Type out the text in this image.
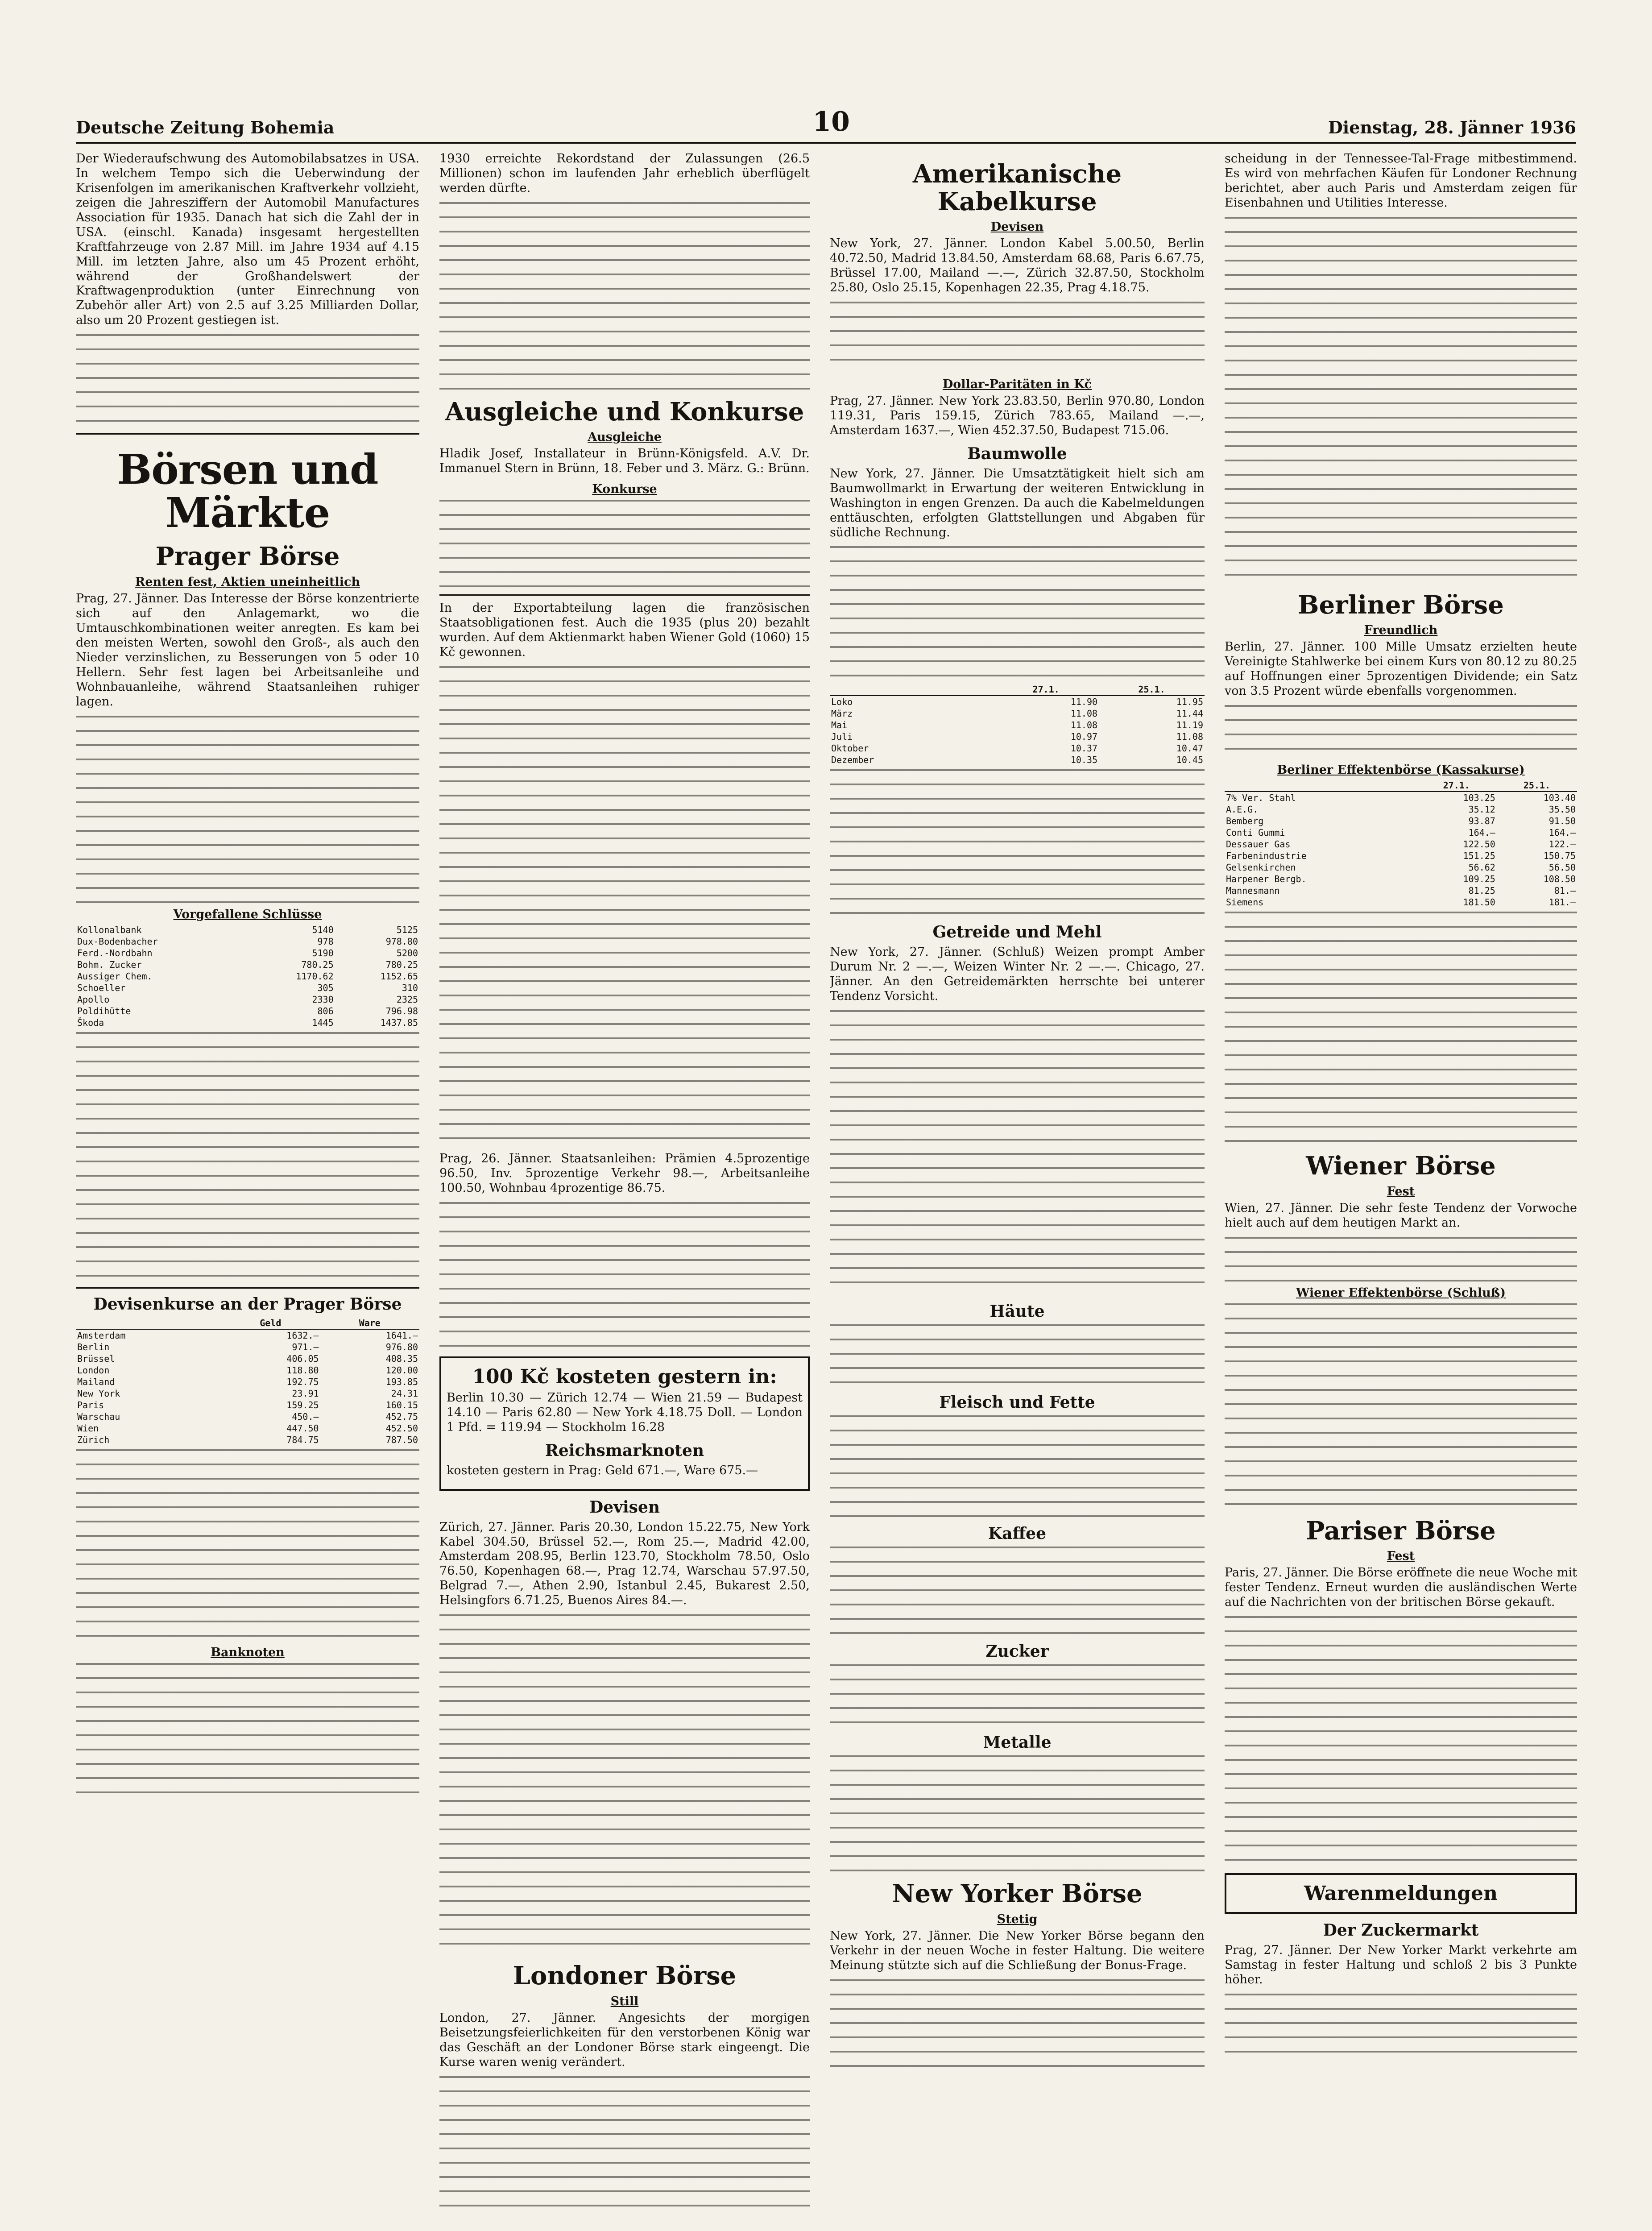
Deutsche Zeitung Bohemia	10	Dienstag, 28. Jänner 1936

Der Wiederaufschwung des Automobilabsatzes in USA. In welchem Tempo sich die Ueberwindung der Krisenfolgen im amerikanischen Kraftverkehr vollzieht, zeigen die Jahresziffern der Automobil Manufactures Association für 1935. Danach hat sich die Zahl der in USA. (einschl. Kanada) insgesamt hergestellten Kraftfahrzeuge von 2.87 Mill. im Jahre 1934 auf 4.15 Mill. im letzten Jahre, also um 45 Prozent erhöht, während der Großhandelswert der Kraftwagenproduktion (unter Einrechnung von Zubehör aller Art) von 2.5 auf 3.25 Milliarden Dollar, also um 20 Prozent gestiegen ist.

Börsen und Märkte
Prager Börse
Renten fest, Aktien uneinheitlich

Prag, 27. Jänner. Das Interesse der Börse konzentrierte sich auf den Anlagemarkt, wo die Umtauschkombinationen weiter anregten. Es kam bei den meisten Werten, sowohl den Groß-, als auch den Nieder verzinslichen, zu Besserungen von 5 oder 10 Hellern. Sehr fest lagen bei Arbeitsanleihe und Wohnbauanleihe, während Staatsanleihen ruhiger lagen.

Vorgefallene Schlüsse
Kollonalbank	5140	5125
Dux-Bodenbacher	978	978.80
Ferd.-Nordbahn	5190	5200
Bohm. Zucker	780.25	780.25
Aussiger Chem.	1170.62	1152.65
Schoeller	305	310
Apollo	2330	2325
Poldihütte	806	796.98
Škoda	1445	1437.85
Devisenkurse an der Prager Börse
	Geld	Ware
Amsterdam	1632.—	1641.—
Berlin	971.—	976.80
Brüssel	406.05	408.35
London	118.80	120.00
Mailand	192.75	193.85
New York	23.91	24.31
Paris	159.25	160.15
Warschau	450.—	452.75
Wien	447.50	452.50
Zürich	784.75	787.50
Banknoten

1930 erreichte Rekordstand der Zulassungen (26.5 Millionen) schon im laufenden Jahr erheblich überflügelt werden dürfte.

Ausgleiche und Konkurse
Ausgleiche

Hladik Josef, Installateur in Brünn-Königsfeld. A.V. Dr. Immanuel Stern in Brünn, 18. Feber und 3. März. G.: Brünn.

Konkurse

In der Exportabteilung lagen die französischen Staatsobligationen fest. Auch die 1935 (plus 20) bezahlt wurden. Auf dem Aktienmarkt haben Wiener Gold (1060) 15 Kč gewonnen.

Prag, 26. Jänner. Staatsanleihen: Prämien 4.5prozentige 96.50, Inv. 5prozentige Verkehr 98.—, Arbeitsanleihe 100.50, Wohnbau 4prozentige 86.75.

100 Kč kosteten gestern in:

Berlin 10.30 — Zürich 12.74 — Wien 21.59 — Budapest 14.10 — Paris 62.80 — New York 4.18.75 Doll. — London 1 Pfd. = 119.94 — Stockholm 16.28

Reichsmarknoten

kosteten gestern in Prag: Geld 671.—, Ware 675.—

Devisen

Zürich, 27. Jänner. Paris 20.30, London 15.22.75, New York Kabel 304.50, Brüssel 52.—, Rom 25.—, Madrid 42.00, Amsterdam 208.95, Berlin 123.70, Stockholm 78.50, Oslo 76.50, Kopenhagen 68.—, Prag 12.74, Warschau 57.97.50, Belgrad 7.—, Athen 2.90, Istanbul 2.45, Bukarest 2.50, Helsingfors 6.71.25, Buenos Aires 84.—.

Londoner Börse
Still

London, 27. Jänner. Angesichts der morgigen Beisetzungsfeierlichkeiten für den verstorbenen König war das Geschäft an der Londoner Börse stark eingeengt. Die Kurse waren wenig verändert.

Amerikanische Kabelkurse
Devisen

New York, 27. Jänner. London Kabel 5.00.50, Berlin 40.72.50, Madrid 13.84.50, Amsterdam 68.68, Paris 6.67.75, Brüssel 17.00, Mailand —.—, Zürich 32.87.50, Stockholm 25.80, Oslo 25.15, Kopenhagen 22.35, Prag 4.18.75.

Dollar-Paritäten in Kč

Prag, 27. Jänner. New York 23.83.50, Berlin 970.80, London 119.31, Paris 159.15, Zürich 783.65, Mailand —.—, Amsterdam 1637.—, Wien 452.37.50, Budapest 715.06.

Baumwolle

New York, 27. Jänner. Die Umsatztätigkeit hielt sich am Baumwollmarkt in Erwartung der weiteren Entwicklung in Washington in engen Grenzen. Da auch die Kabelmeldungen enttäuschten, erfolgten Glattstellungen und Abgaben für südliche Rechnung.

	27.1.	25.1.
Loko	11.90	11.95
März	11.08	11.44
Mai	11.08	11.19
Juli	10.97	11.08
Oktober	10.37	10.47
Dezember	10.35	10.45
Getreide und Mehl

New York, 27. Jänner. (Schluß) Weizen prompt Amber Durum Nr. 2 —.—, Weizen Winter Nr. 2 —.—. Chicago, 27. Jänner. An den Getreidemärkten herrschte bei unterer Tendenz Vorsicht.

Häute
Fleisch und Fette
Kaffee
Zucker
Metalle
New Yorker Börse
Stetig

New York, 27. Jänner. Die New Yorker Börse begann den Verkehr in der neuen Woche in fester Haltung. Die weitere Meinung stützte sich auf die Schließung der Bonus-Frage.

scheidung in der Tennessee-Tal-Frage mitbestimmend. Es wird von mehrfachen Käufen für Londoner Rechnung berichtet, aber auch Paris und Amsterdam zeigen für Eisenbahnen und Utilities Interesse.

Berliner Börse
Freundlich

Berlin, 27. Jänner. 100 Mille Umsatz erzielten heute Vereinigte Stahlwerke bei einem Kurs von 80.12 zu 80.25 auf Hoffnungen einer 5prozentigen Dividende; ein Satz von 3.5 Prozent würde ebenfalls vorgenommen.

Berliner Effektenbörse (Kassakurse)
	27.1.	25.1.
7% Ver. Stahl	103.25	103.40
A.E.G.	35.12	35.50
Bemberg	93.87	91.50
Conti Gummi	164.—	164.—
Dessauer Gas	122.50	122.—
Farbenindustrie	151.25	150.75
Gelsenkirchen	56.62	56.50
Harpener Bergb.	109.25	108.50
Mannesmann	81.25	81.—
Siemens	181.50	181.—
Wiener Börse
Fest

Wien, 27. Jänner. Die sehr feste Tendenz der Vorwoche hielt auch auf dem heutigen Markt an.

Wiener Effektenbörse (Schluß)
Pariser Börse
Fest

Paris, 27. Jänner. Die Börse eröffnete die neue Woche mit fester Tendenz. Erneut wurden die ausländischen Werte auf die Nachrichten von der britischen Börse gekauft.

Warenmeldungen
Der Zuckermarkt

Prag, 27. Jänner. Der New Yorker Markt verkehrte am Samstag in fester Haltung und schloß 2 bis 3 Punkte höher.
